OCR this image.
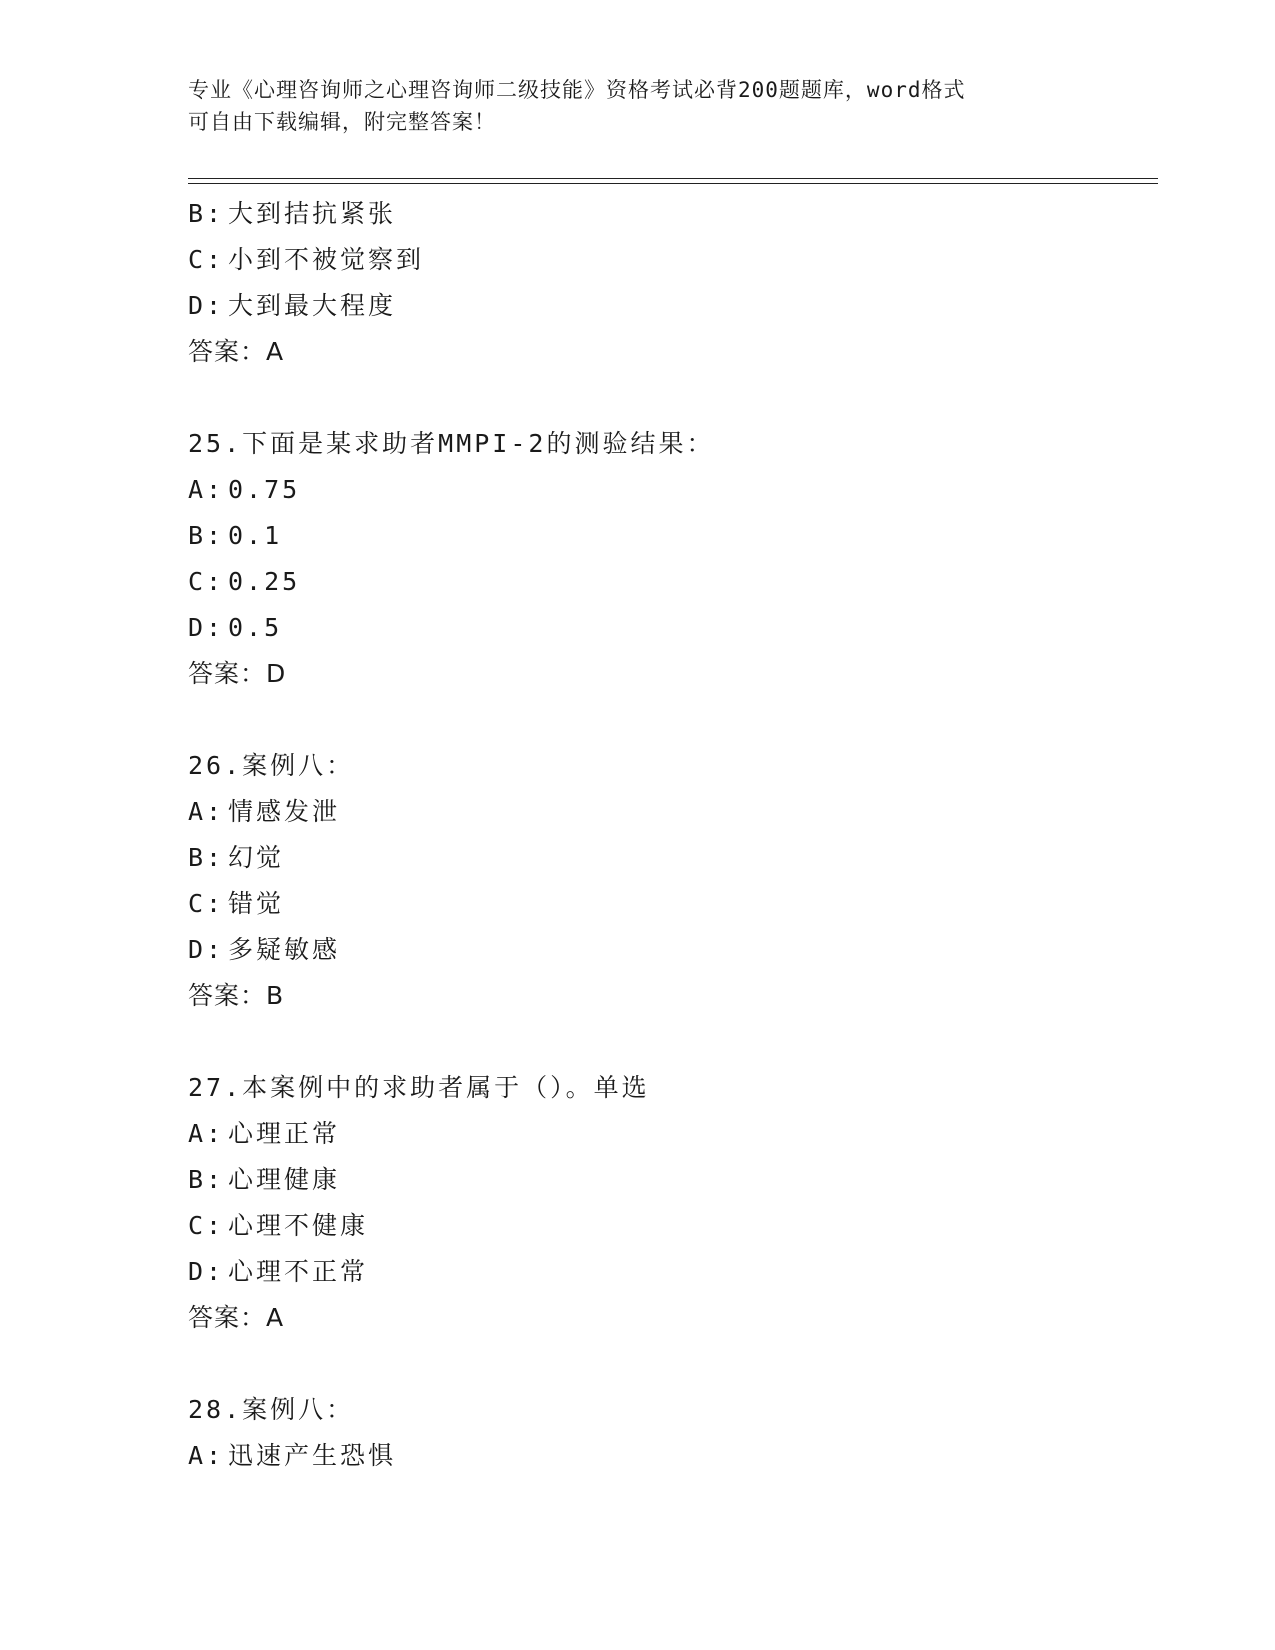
专业《心理咨询师之心理咨询师二级技能》资格考试必背200题题库，word格式
可自由下载编辑，附完整答案！
B: 大到拮抗紧张
C: 小到不被觉察到
D: 大到最大程度
答案：A
25.下面是某求助者MMPI-2的测验结果：
A: 0.75
B: 0.1
C: 0.25
D: 0.5
答案：D
26.案例八：
A: 情感发泄
B: 幻觉
C: 错觉
D: 多疑敏感
答案：B
27.本案例中的求助者属于（）。单选
A: 心理正常
B: 心理健康
C: 心理不健康
D: 心理不正常
答案：A
28.案例八：
A: 迅速产生恐惧
